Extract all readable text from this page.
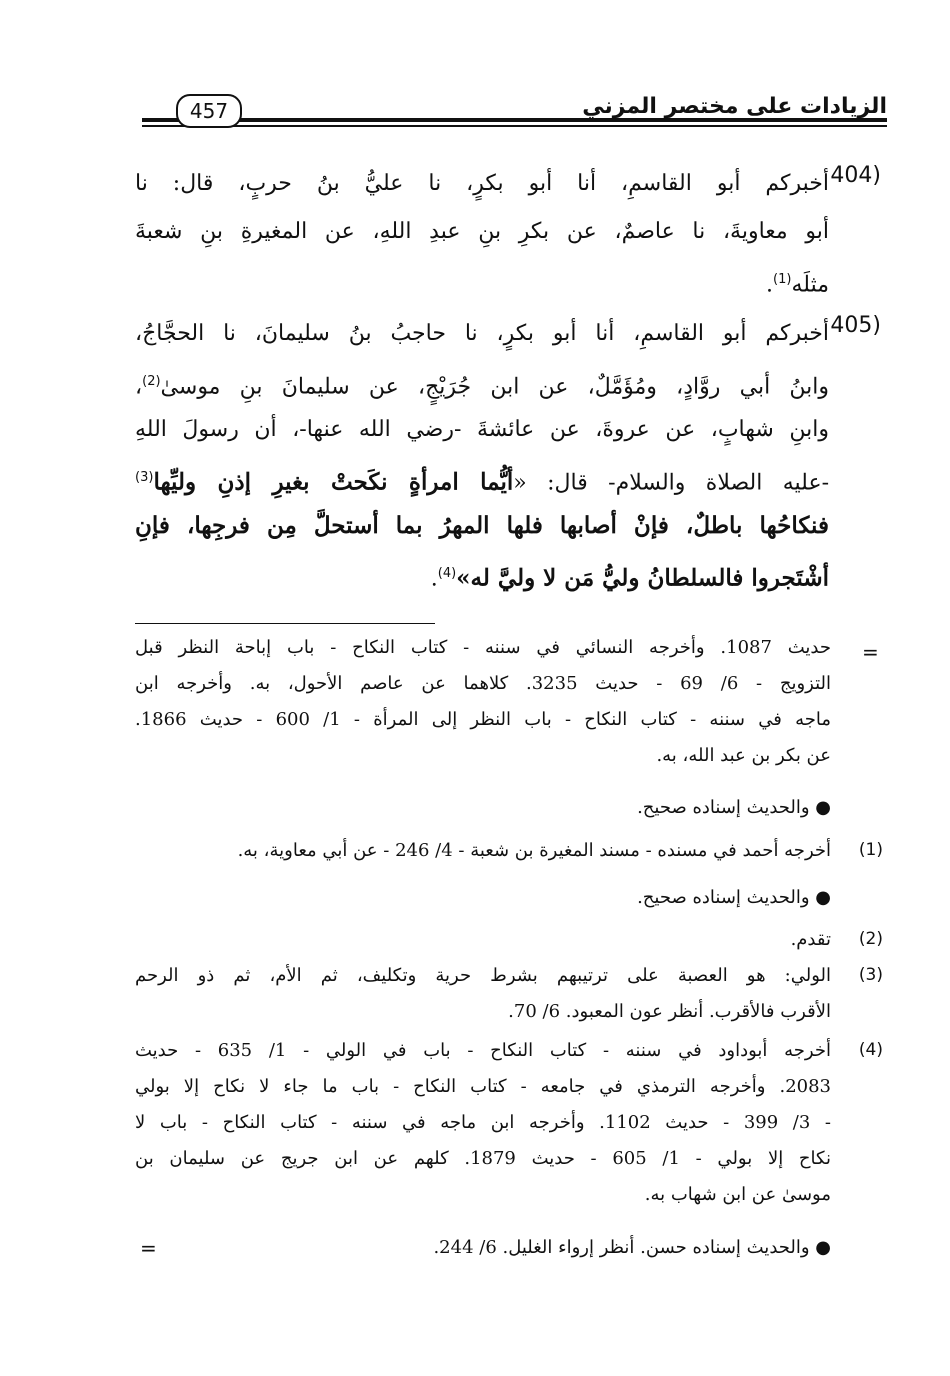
457	الزيادات على مختصر المزني
404)
أخبركم أبو القاسمِ، أنا أبو بكرٍ، نا عليُّ بنُ حربٍ، قال: نا
أبو معاويةَ، نا عاصمٌ، عن بكرِ بنِ عبدِ اللهِ، عن المغيرةِ بنِ شعبةَ
مثلَه$^{(1)}$.
405)
أخبركم أبو القاسمِ، أنا أبو بكرٍ، نا حاجبُ بنُ سليمانَ، نا الحجَّاجُ،
وابنُ أبي روَّادٍ، ومُؤَمَّلٌ، عن ابن جُرَيْجٍ، عن سليمانَ بنِ موسىٰ$^{(2)}$،
وابنِ شهابٍ، عن عروةَ، عن عائشةَ -رضي الله عنها-، أن رسولَ اللهِ
-عليه الصلاة والسلام- قال: «أيُّما امرأةٍ نكَحتْ بغيرِ إذنِ وليِّها$^{(3)}$
فنكاحُها باطلٌ، فإنْ أصابها فلها المهرُ بما أستحلَّ مِن فرجِها، فإنِ
أشْتَجروا فالسلطانُ وليُّ مَن لا وليَّ له»$^{(4)}$.
=
حديث 1087. وأخرجه النسائي في سننه - كتاب النكاح - باب إباحة النظر قبل
التزويج - 6/ 69 - حديث 3235. كلاهما عن عاصم الأحول، به. وأخرجه ابن
ماجه في سننه - كتاب النكاح - باب النظر إلى المرأة - 1/ 600 - حديث 1866.
عن بكر بن عبد الله، به.
● والحديث إسناده صحيح.
(1)
أخرجه أحمد في مسنده - مسند المغيرة بن شعبة - 4/ 246 - عن أبي معاوية، به.
● والحديث إسناده صحيح.
(2)
تقدم.
(3)
الولي: هو العصبة على ترتيبهم بشرط حرية وتكليف، ثم الأم، ثم ذو الرحم
الأقرب فالأقرب. أنظر عون المعبود. 6/ 70.
(4)
أخرجه أبوداود في سننه - كتاب النكاح - باب في الولي - 1/ 635 - حديث
2083. وأخرجه الترمذي في جامعه - كتاب النكاح - باب ما جاء لا نكاح إلا بولي
- 3/ 399 - حديث 1102. وأخرجه ابن ماجه في سننه - كتاب النكاح - باب لا
نكاح إلا بولي - 1/ 605 - حديث 1879. كلهم عن ابن جريج عن سليمان بن
موسىٰ عن ابن شهاب به.
● والحديث إسناده حسن. أنظر إرواء الغليل. 6/ 244.
=
